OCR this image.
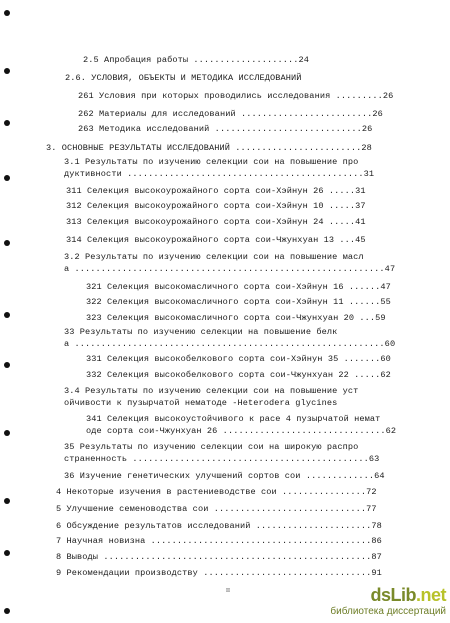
2.5 Апробация работы ....................24
2.6. УСЛОВИЯ, ОБЪЕКТЫ И МЕТОДИКА ИССЛЕДОВАНИЙ
261 Условия при которых проводились исследования .........26
262 Материалы для исследований .........................26
263 Методика исследований ............................26
3. ОСНОВНЫЕ РЕЗУЛЬТАТЫ ИССЛЕДОВАНИЙ ........................28
3.1 Результаты по изучению селекции сои на повышение про
дуктивности .............................................31
311 Селекция высокоурожайного сорта сои-Хэйнун 26 .....31
312 Селекция высокоурожайного сорта сои-Хэйнун 10 .....37
313 Селекция высокоурожайного сорта сои-Хэйнун 24 .....41
314 Селекция высокоурожайного сорта сои-Чжунхуан 13 ...45
3.2 Результаты по изучению селекции сои на повышение масл
а ...........................................................47
321 Селекция высокомасличного сорта сои-Хэйнун 16 ......47
322 Селекция высокомасличного сорта сои-Хэйнун 11 ......55
323 Селекция высокомасличного сорта сои-Чжунхуан 20 ...59
33 Результаты по изучению селекции на повышение белк
а ...........................................................60
331 Селекция высокобелкового сорта сои-Хэйнун 35 .......60
332 Селекция высокобелкового сорта сои-Чжунхуан 22 .....62
3.4 Результаты по изучению селекции сои на повышение уст
ойчивости к пузырчатой нематоде -Heterodera glycines
341 Селекция высокоустойчивого к расе 4 пузырчатой немат
оде сорта сои-Чжунхуан 26 ...............................62
35 Результаты по изучению селекции сои на широкую распро
страненность .............................................63
36 Изучение генетических улучшений сортов сои .............64
4 Некоторые изучения в растениеводстве сои ................72
5 Улучшение семеноводства сои .............................77
6 Обсуждение результатов исследований ......................78
7 Научная новизна ..........................................86
8 Выводы ...................................................87
9 Рекомендации производству ................................91
II	dsLib.net
библиотека диссертаций
